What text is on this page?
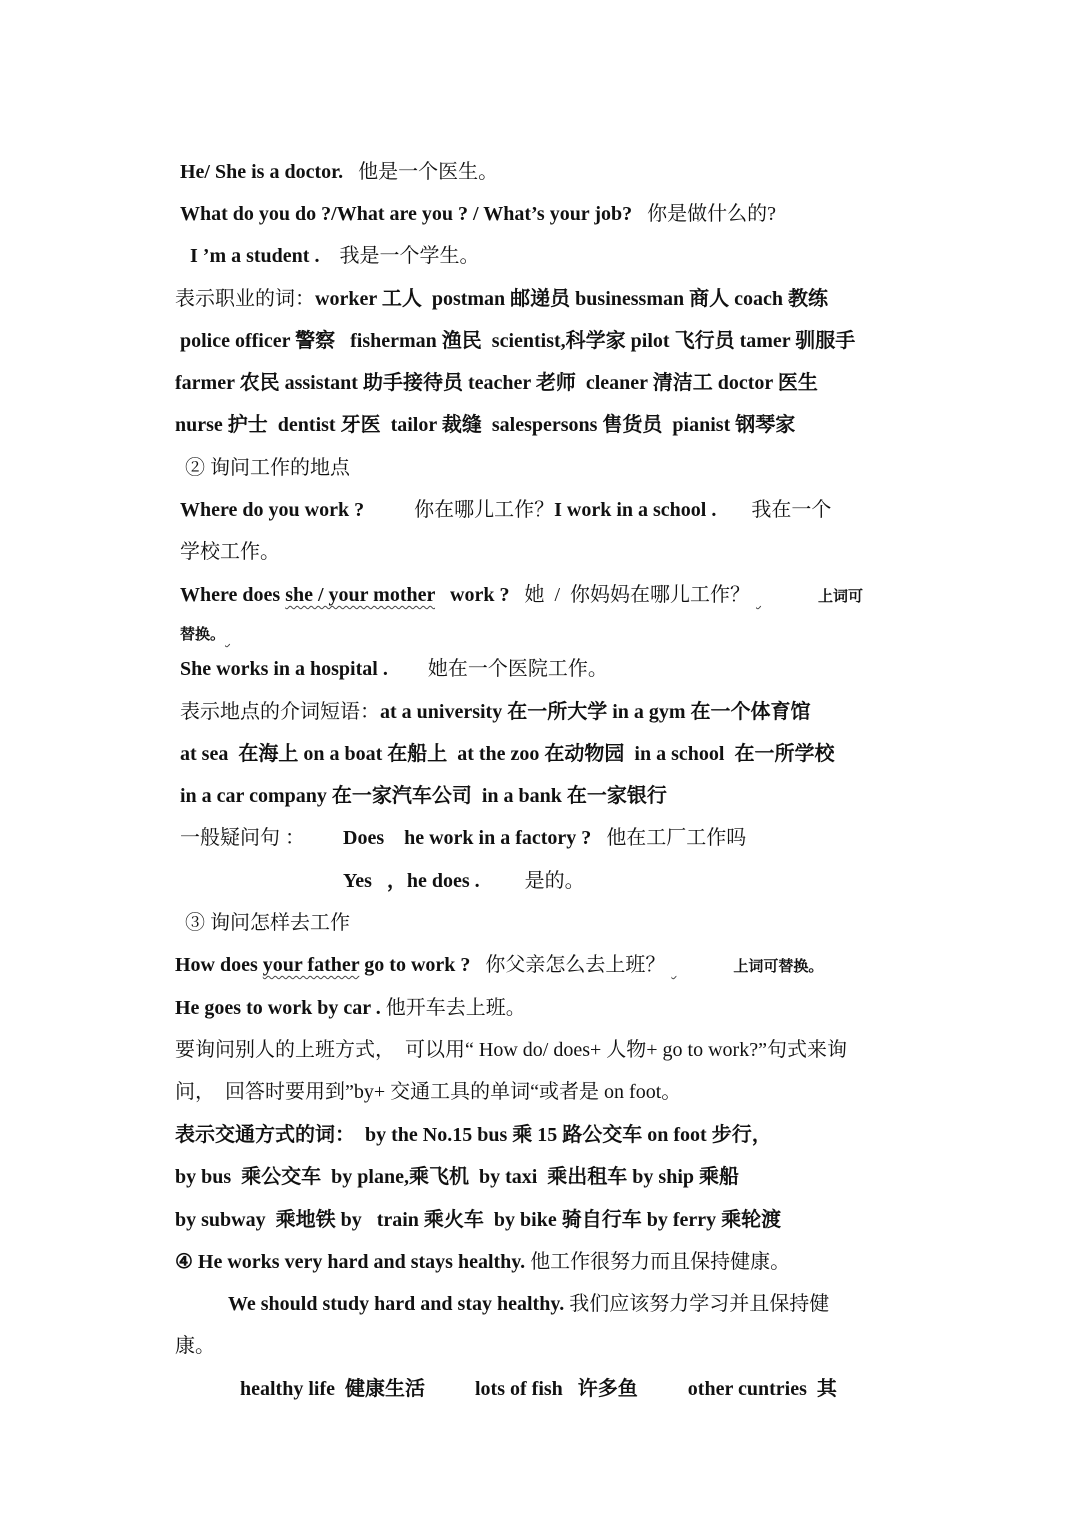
He/ She is a doctor.   他是一个医生。

What do you do ?/What are you ? / What’s your job?   你是做什么的?

I ’m a student .    我是一个学生。

表示职业的词：worker 工人  postman 邮递员 businessman 商人 coach 教练

police officer 警察   fisherman 渔民  scientist,科学家 pilot 飞行员 tamer 驯服手

farmer 农民 assistant 助手接待员 teacher 老师  cleaner 清洁工 doctor 医生

nurse 护士  dentist 牙医  tailor 裁缝  salespersons 售货员  pianist 钢琴家

② 询问工作的地点

Where do you work ?          你在哪儿工作？I work in a school .       我在一个

学校工作。

Where does she / your mother   work ?   她  /  你妈妈在哪儿工作？	上词可

替换。

She works in a hospital .        她在一个医院工作。

表示地点的介词短语：at a university 在一所大学 in a gym 在一个体育馆

at sea  在海上 on a boat 在船上  at the zoo 在动物园  in a school  在一所学校

in a car company 在一家汽车公司  in a bank 在一家银行

一般疑问句 ：	Does    he work in a factory ?   他在工厂工作吗

Yes   ，he does .         是的。

③ 询问怎样去工作

How does your father go to work ?   你父亲怎么去上班？	上词可替换。

He goes to work by car . 他开车去上班。

要询问别人的上班方式，  可以用“ How do/ does+ 人物+ go to work?”句式来询

问，  回答时要用到”by+ 交通工具的单词“或者是 on foot。

表示交通方式的词：  by the No.15 bus 乘 15 路公交车 on foot 步行，

by bus  乘公交车  by plane,乘飞机  by taxi  乘出租车 by ship 乘船

by subway  乘地铁 by   train 乘火车  by bike 骑自行车 by ferry 乘轮渡

④ He works very hard and stays healthy. 他工作很努力而且保持健康。

We should study hard and stay healthy. 我们应该努力学习并且保持健

康。

healthy life  健康生活          lots of fish   许多鱼          other cuntries  其
